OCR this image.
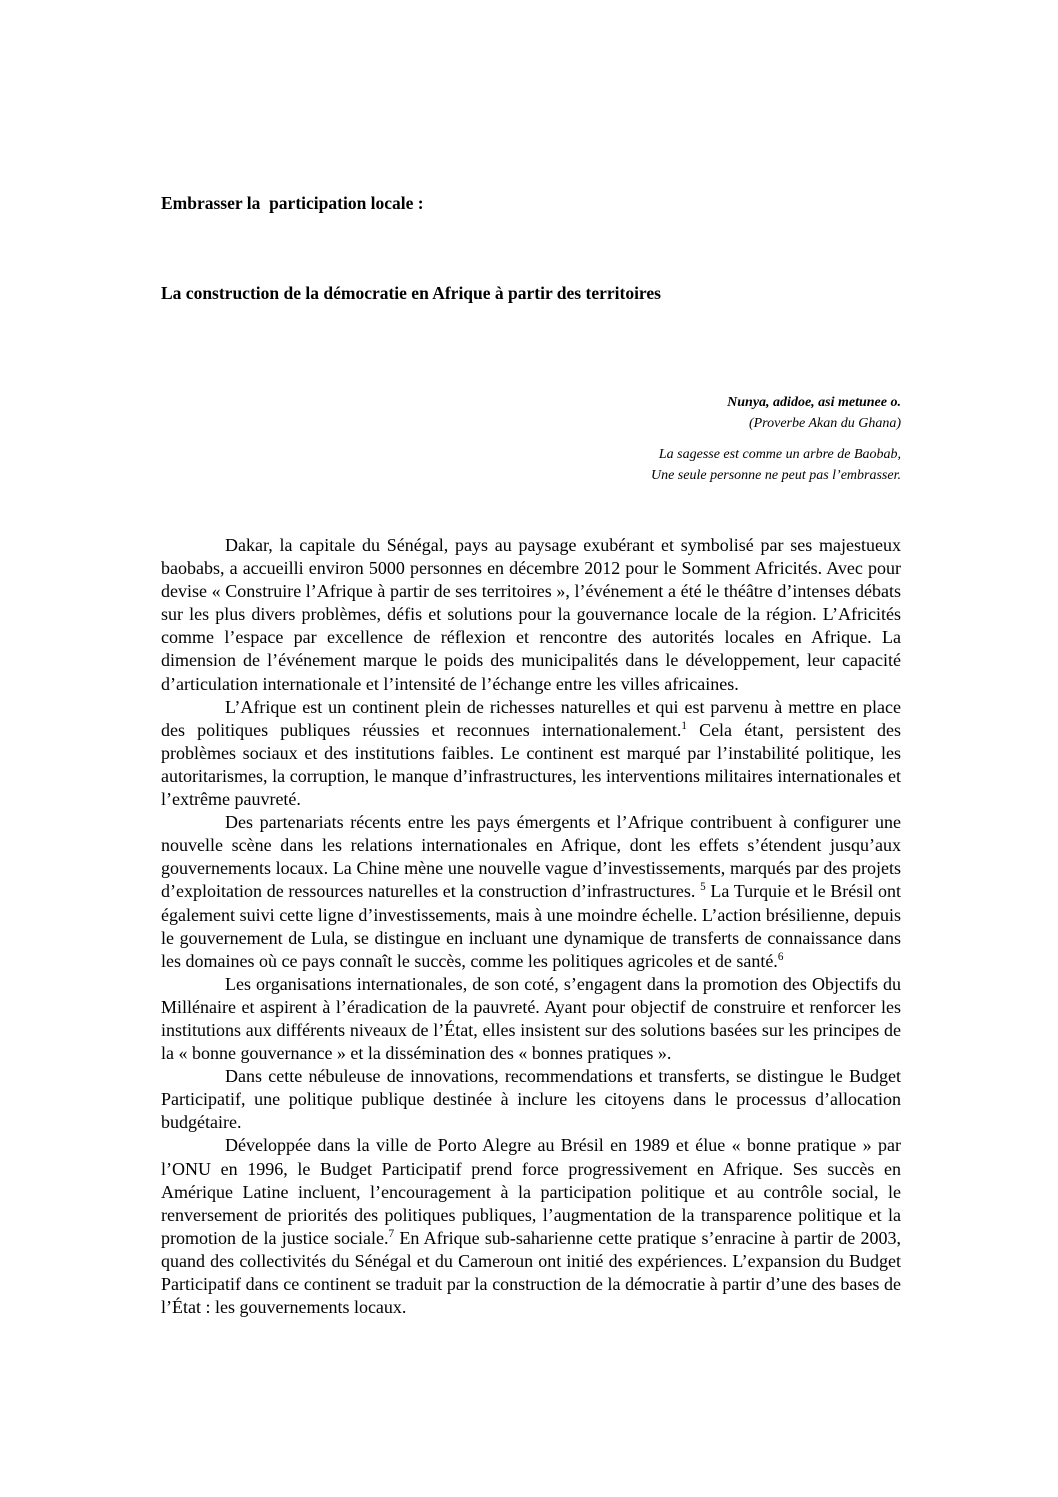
Embrasser la  participation locale :

La construction de la démocratie en Afrique à partir des territoires

Nunya, adidoe, asi metunee o.
(Proverbe Akan du Ghana)
La sagesse est comme un arbre de Baobab,
Une seule personne ne peut pas l’embrasser.

Dakar, la capitale du Sénégal, pays au paysage exubérant et symbolisé par ses majestueux baobabs, a accueilli environ 5000 personnes en décembre 2012 pour le Somment Africités. Avec pour devise « Construire l’Afrique à partir de ses territoires », l’événement a été le théâtre d’intenses débats sur les plus divers problèmes, défis et solutions pour la gouvernance locale de la région. L’Africités comme l’espace par excellence de réflexion et rencontre des autorités locales en Afrique. La dimension de l’événement marque le poids des municipalités dans le développement, leur capacité d’articulation internationale et l’intensité de l’échange entre les villes africaines.

L’Afrique est un continent plein de richesses naturelles et qui est parvenu à mettre en place des politiques publiques réussies et reconnues internationalement.$^1$ Cela étant, persistent des problèmes sociaux et des institutions faibles. Le continent est marqué par l’instabilité politique, les autoritarismes, la corruption, le manque d’infrastructures, les interventions militaires internationales et l’extrême pauvreté.

Des partenariats récents entre les pays émergents et l’Afrique contribuent à configurer une nouvelle scène dans les relations internationales en Afrique, dont les effets s’étendent jusqu’aux gouvernements locaux. La Chine mène une nouvelle vague d’investissements, marqués par des projets d’exploitation de ressources naturelles et la construction d’infrastructures. $^5$ La Turquie et le Brésil ont également suivi cette ligne d’investissements, mais à une moindre échelle. L’action brésilienne, depuis le gouvernement de Lula, se distingue en incluant une dynamique de transferts de connaissance dans les domaines où ce pays connaît le succès, comme les politiques agricoles et de santé.$^6$

Les organisations internationales, de son coté, s’engagent dans la promotion des Objectifs du Millénaire et aspirent à l’éradication de la pauvreté. Ayant pour objectif de construire et renforcer les institutions aux différents niveaux de l’État, elles insistent sur des solutions basées sur les principes de la « bonne gouvernance » et la dissémination des « bonnes pratiques ».

Dans cette nébuleuse de innovations, recommendations et transferts, se distingue le Budget Participatif, une politique publique destinée à inclure les citoyens dans le processus d’allocation budgétaire.

Développée dans la ville de Porto Alegre au Brésil en 1989 et élue « bonne pratique » par l’ONU en 1996, le Budget Participatif prend force progressivement en Afrique. Ses succès en Amérique Latine incluent, l’encouragement à la participation politique et au contrôle social, le renversement de priorités des politiques publiques, l’augmentation de la transparence politique et la promotion de la justice sociale.$^7$ En Afrique sub-saharienne cette pratique s’enracine à partir de 2003, quand des collectivités du Sénégal et du Cameroun ont initié des expériences. L’expansion du Budget Participatif dans ce continent se traduit par la construction de la démocratie à partir d’une des bases de l’État : les gouvernements locaux.
